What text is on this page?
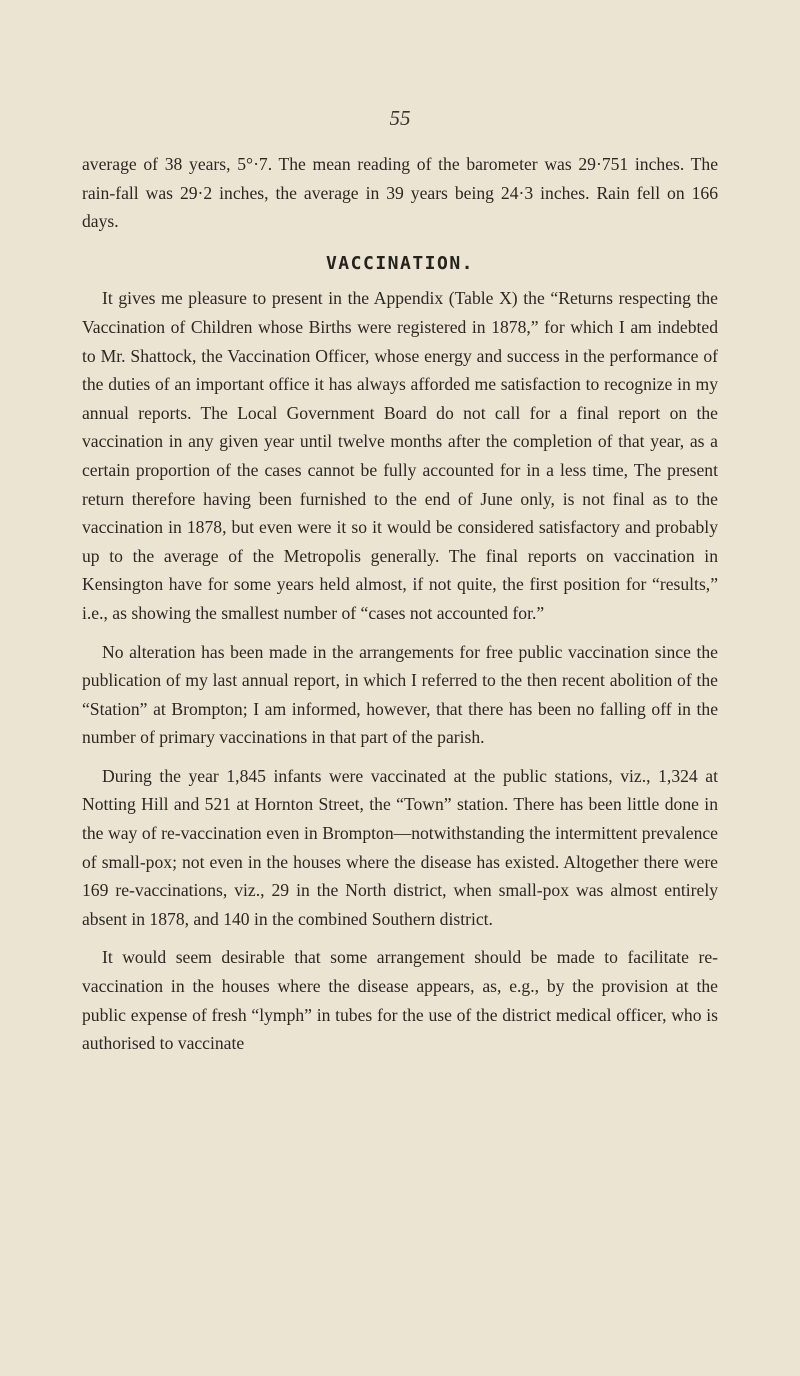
55

average of 38 years, 5°·7. The mean reading of the barometer was 29·751 inches. The rain-fall was 29·2 inches, the average in 39 years being 24·3 inches. Rain fell on 166 days.

VACCINATION.

It gives me pleasure to present in the Appendix (Table X) the “Returns respecting the Vaccination of Children whose Births were registered in 1878,” for which I am indebted to Mr. Shattock, the Vaccination Officer, whose energy and success in the performance of the duties of an important office it has always afforded me satisfaction to recognize in my annual reports. The Local Government Board do not call for a final report on the vaccination in any given year until twelve months after the completion of that year, as a certain proportion of the cases cannot be fully accounted for in a less time, The present return therefore having been furnished to the end of June only, is not final as to the vaccination in 1878, but even were it so it would be considered satisfactory and probably up to the average of the Metropolis generally. The final reports on vaccination in Kensington have for some years held almost, if not quite, the first position for “results,” i.e., as showing the smallest number of “cases not accounted for.”

No alteration has been made in the arrangements for free public vaccination since the publication of my last annual report, in which I referred to the then recent abolition of the “Station” at Brompton; I am informed, however, that there has been no falling off in the number of primary vaccinations in that part of the parish.

During the year 1,845 infants were vaccinated at the public stations, viz., 1,324 at Notting Hill and 521 at Hornton Street, the “Town” station. There has been little done in the way of re-vaccination even in Brompton—notwithstanding the intermittent prevalence of small-pox; not even in the houses where the disease has existed. Altogether there were 169 re-vaccinations, viz., 29 in the North district, when small-pox was almost entirely absent in 1878, and 140 in the combined Southern district.

It would seem desirable that some arrangement should be made to facilitate re-vaccination in the houses where the disease appears, as, e.g., by the provision at the public expense of fresh “lymph” in tubes for the use of the district medical officer, who is authorised to vaccinate
